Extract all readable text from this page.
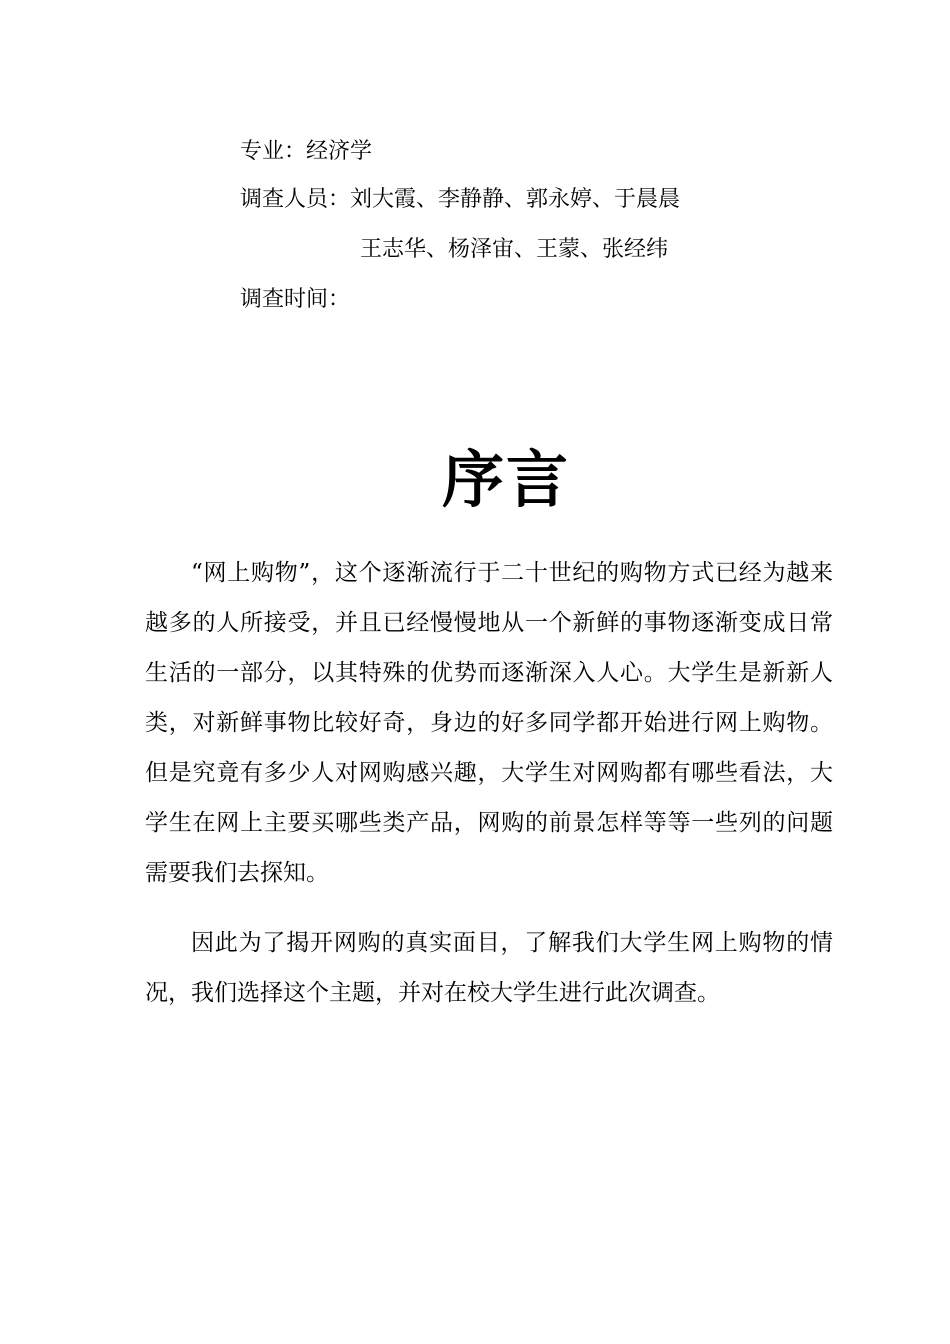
专业：经济学
调查人员：刘大霞、李静静、郭永婷、于晨晨
王志华、杨泽宙、王蒙、张经纬
调查时间：
序言

“网上购物”，这个逐渐流行于二十世纪的购物方式已经为越来越多的人所接受，并且已经慢慢地从一个新鲜的事物逐渐变成日常生活的一部分，以其特殊的优势而逐渐深入人心。大学生是新新人类，对新鲜事物比较好奇，身边的好多同学都开始进行网上购物。但是究竟有多少人对网购感兴趣，大学生对网购都有哪些看法，大学生在网上主要买哪些类产品，网购的前景怎样等等一些列的问题需要我们去探知。

因此为了揭开网购的真实面目，了解我们大学生网上购物的情况，我们选择这个主题，并对在校大学生进行此次调查。
